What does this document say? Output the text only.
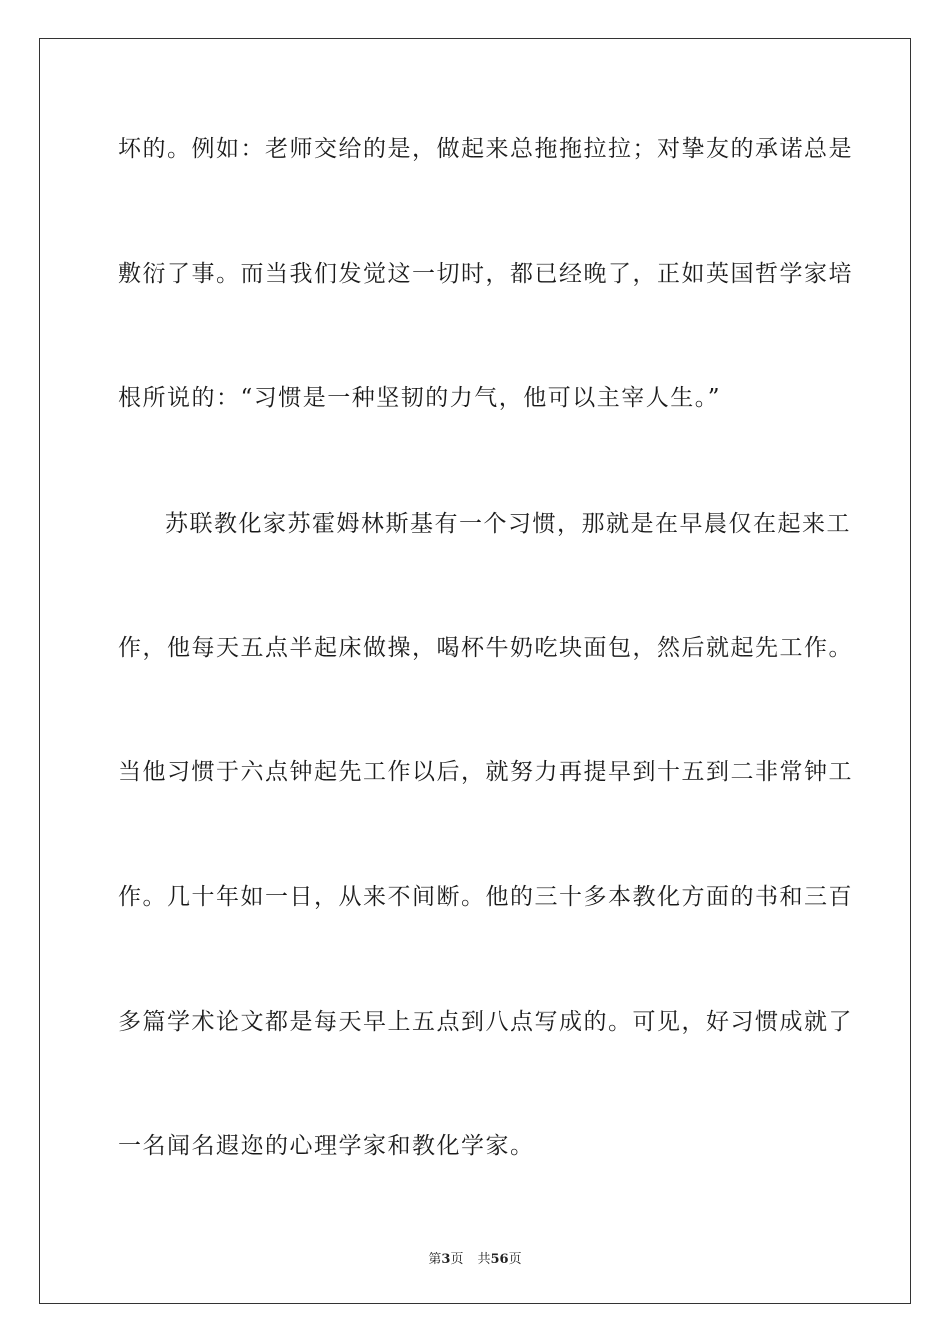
坏的。例如：老师交给的是，做起来总拖拖拉拉；对挚友的承诺总是
敷衍了事。而当我们发觉这一切时，都已经晚了，正如英国哲学家培
根所说的：“习惯是一种坚韧的力气，他可以主宰人生。”
苏联教化家苏霍姆林斯基有一个习惯，那就是在早晨仅在起来工
作，他每天五点半起床做操，喝杯牛奶吃块面包，然后就起先工作。
当他习惯于六点钟起先工作以后，就努力再提早到十五到二非常钟工
作。几十年如一日，从来不间断。他的三十多本教化方面的书和三百
多篇学术论文都是每天早上五点到八点写成的。可见，好习惯成就了
一名闻名遐迩的心理学家和教化学家。
第3页 共56页
